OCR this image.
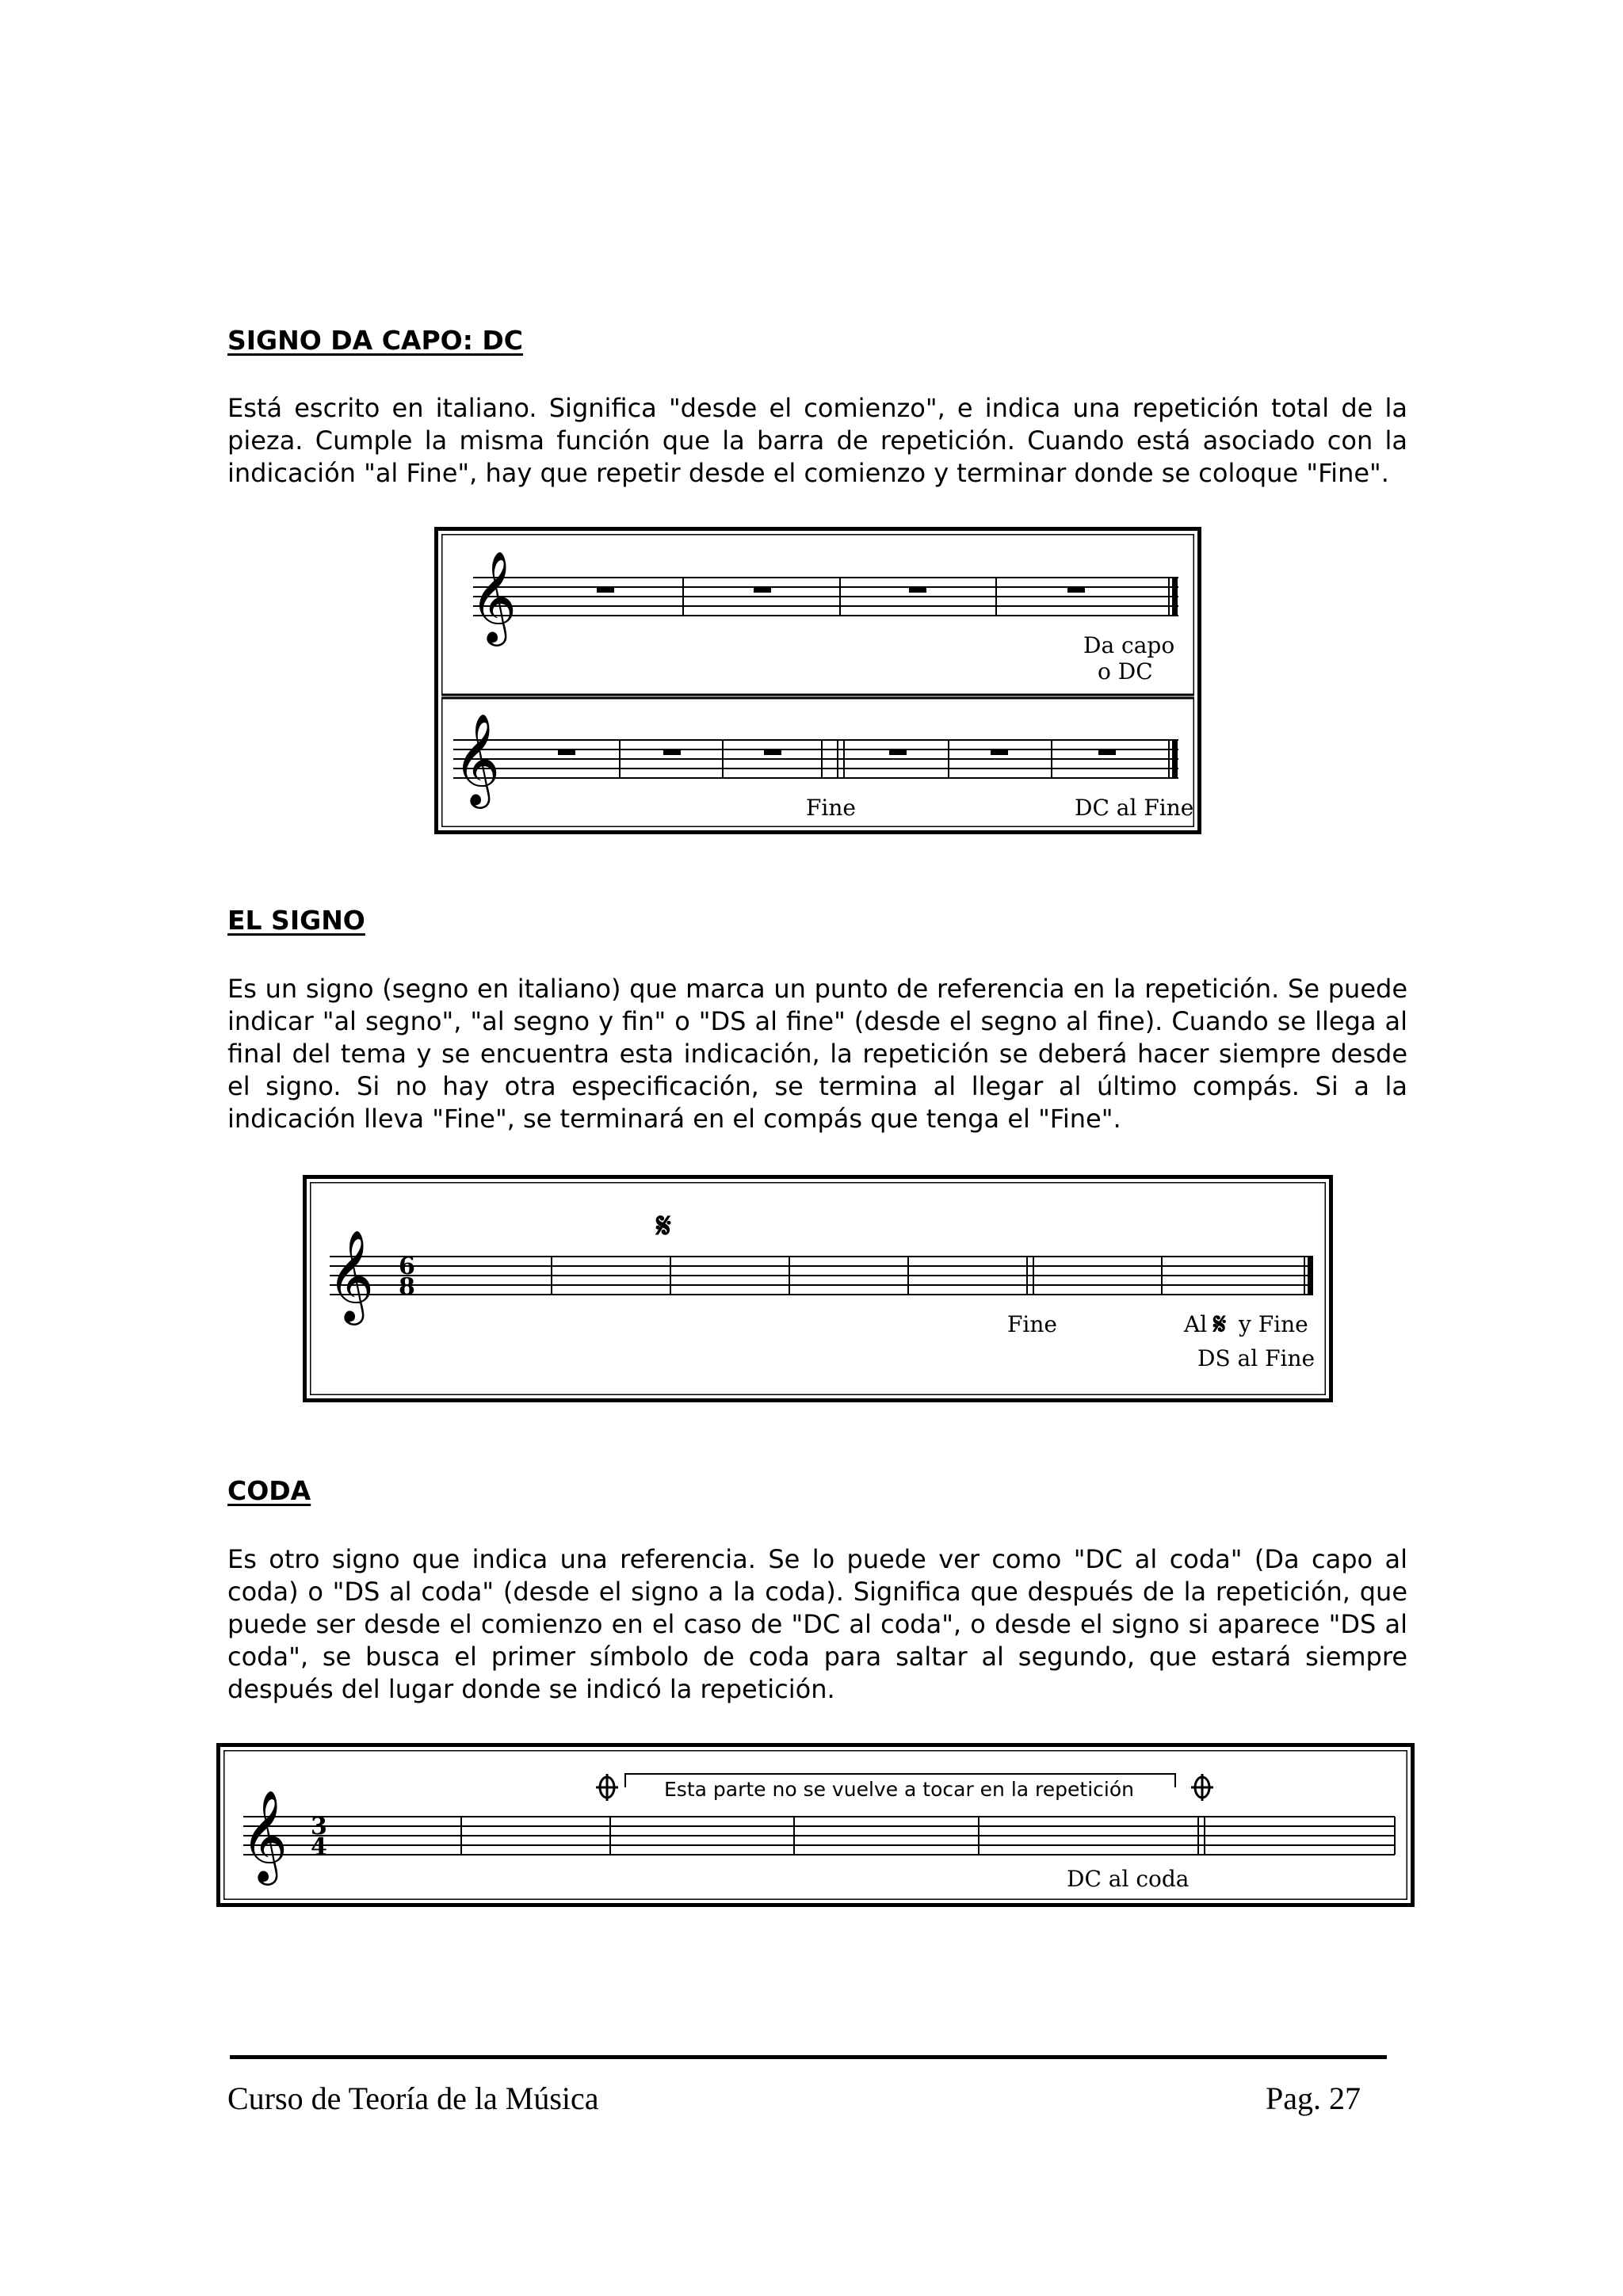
SIGNO DA CAPO: DC

Está escrito en italiano. Significa "desde el comienzo", e indica una repetición total de la pieza. Cumple la misma función que la barra de repetición. Cuando está asociado con la indicación "al Fine", hay que repetir desde el comienzo y terminar donde se coloque "Fine".

𝄞
Da capo
o DC
𝄞
Fine	DC al Fine
EL SIGNO

Es un signo (segno en italiano) que marca un punto de referencia en la repetición. Se puede indicar "al segno", "al segno y fin" o "DS al fine" (desde el segno al fine). Cuando se llega al final del tema y se encuentra esta indicación, la repetición se deberá hacer siempre desde el signo. Si no hay otra especificación, se termina al llegar al último compás. Si a la indicación lleva "Fine", se terminará en el compás que tenga el "Fine".

𝄞 6
8
𝄋
Fine	Al 𝄋 y Fine
DS al Fine
CODA

Es otro signo que indica una referencia. Se lo puede ver como "DC al coda" (Da capo al coda) o "DS al coda" (desde el signo a la coda). Significa que después de la repetición, que puede ser desde el comienzo en el caso de "DC al coda", o desde el signo si aparece "DS al coda", se busca el primer símbolo de coda para saltar al segundo, que estará siempre después del lugar donde se indicó la repetición.

𝄞 3
4
Esta parte no se vuelve a tocar en la repetición
DC al coda
Curso de Teoría de la Música	Pag. 27
